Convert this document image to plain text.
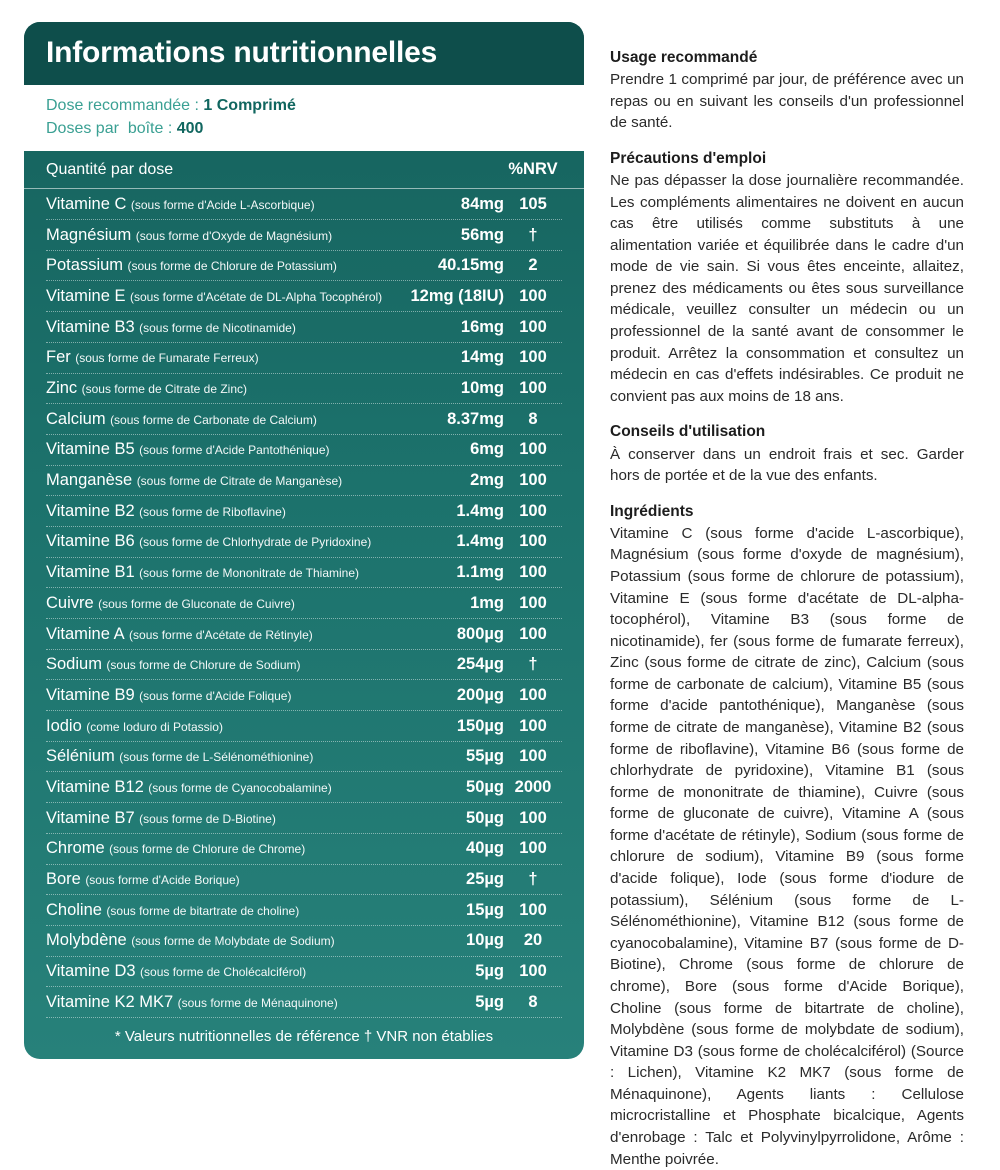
Informations nutritionnelles
Dose recommandée : 1 Comprimé
Doses par  boîte : 400
Quantité par dose	%NRV
Vitamine C (sous forme d'Acide L-Ascorbique)	84mg 105
Magnésium (sous forme d'Oxyde de Magnésium)	56mg	†
Potassium (sous forme de Chlorure de Potassium)	40.15mg	2
Vitamine E (sous forme d'Acétate de DL-Alpha Tocophérol)	12mg (18IU) 100
Vitamine B3 (sous forme de Nicotinamide)	16mg 100
Fer (sous forme de Fumarate Ferreux)	14mg 100
Zinc (sous forme de Citrate de Zinc)	10mg 100
Calcium (sous forme de Carbonate de Calcium)	8.37mg	8
Vitamine B5 (sous forme d'Acide Pantothénique)	6mg 100
Manganèse (sous forme de Citrate de Manganèse)	2mg 100
Vitamine B2 (sous forme de Riboflavine)	1.4mg 100
Vitamine B6 (sous forme de Chlorhydrate de Pyridoxine)	1.4mg 100
Vitamine B1 (sous forme de Mononitrate de Thiamine)	1.1mg 100
Cuivre (sous forme de Gluconate de Cuivre)	1mg 100
Vitamine A (sous forme d'Acétate de Rétinyle)	800µg 100
Sodium (sous forme de Chlorure de Sodium)	254µg	†
Vitamine B9 (sous forme d'Acide Folique)	200µg 100
Iodio (come Ioduro di Potassio)	150µg 100
Sélénium (sous forme de L-Sélénométhionine)	55µg 100
Vitamine B12 (sous forme de Cyanocobalamine)	50µg 2000
Vitamine B7 (sous forme de D-Biotine)	50µg 100
Chrome (sous forme de Chlorure de Chrome)	40µg 100
Bore (sous forme d'Acide Borique)	25µg	†
Choline (sous forme de bitartrate de choline)	15µg 100
Molybdène (sous forme de Molybdate de Sodium)	10µg	20
Vitamine D3 (sous forme de Cholécalciférol)	5µg 100
Vitamine K2 MK7 (sous forme de Ménaquinone)	5µg	8
* Valeurs nutritionnelles de référence † VNR non établies
Usage recommandé

Prendre 1 comprimé par jour, de préférence avec un repas ou en suivant les conseils d'un professionnel de santé.

Précautions d'emploi

Ne pas dépasser la dose journalière recommandée. Les compléments alimentaires ne doivent en aucun cas être utilisés comme substituts à une alimentation variée et équilibrée dans le cadre d'un mode de vie sain. Si vous êtes enceinte, allaitez, prenez des médicaments ou êtes sous surveillance médicale, veuillez consulter un médecin ou un professionnel de la santé avant de consommer le produit. Arrêtez la consommation et consultez un médecin en cas d'effets indésirables. Ce produit ne convient pas aux moins de 18 ans.

Conseils d'utilisation

À conserver dans un endroit frais et sec. Garder hors de portée et de la vue des enfants.

Ingrédients

Vitamine C (sous forme d'acide L-ascorbique), Magnésium (sous forme d'oxyde de magnésium), Potassium (sous forme de chlorure de potassium), Vitamine E (sous forme d'acétate de DL-alpha-tocophérol), Vitamine B3 (sous forme de nicotinamide), fer (sous forme de fumarate ferreux), Zinc (sous forme de citrate de zinc), Calcium (sous forme de carbonate de calcium), Vitamine B5 (sous forme d'acide pantothénique), Manganèse (sous forme de citrate de manganèse), Vitamine B2 (sous forme de riboflavine), Vitamine B6 (sous forme de chlorhydrate de pyridoxine), Vitamine B1 (sous forme de mononitrate de thiamine), Cuivre (sous forme de gluconate de cuivre), Vitamine A (sous forme d'acétate de rétinyle), Sodium (sous forme de chlorure de sodium), Vitamine B9 (sous forme d'acide folique), Iode (sous forme d'iodure de potassium), Sélénium (sous forme de L-Sélénométhionine), Vitamine B12 (sous forme de cyanocobalamine), Vitamine B7 (sous forme de D-Biotine), Chrome (sous forme de chlorure de chrome), Bore (sous forme d'Acide Borique), Choline (sous forme de bitartrate de choline), Molybdène (sous forme de molybdate de sodium), Vitamine D3 (sous forme de cholécalciférol) (Source : Lichen), Vitamine K2 MK7 (sous forme de Ménaquinone), Agents liants : Cellulose microcristalline et Phosphate bicalcique, Agents d'enrobage : Talc et Polyvinylpyrrolidone, Arôme : Menthe poivrée.
